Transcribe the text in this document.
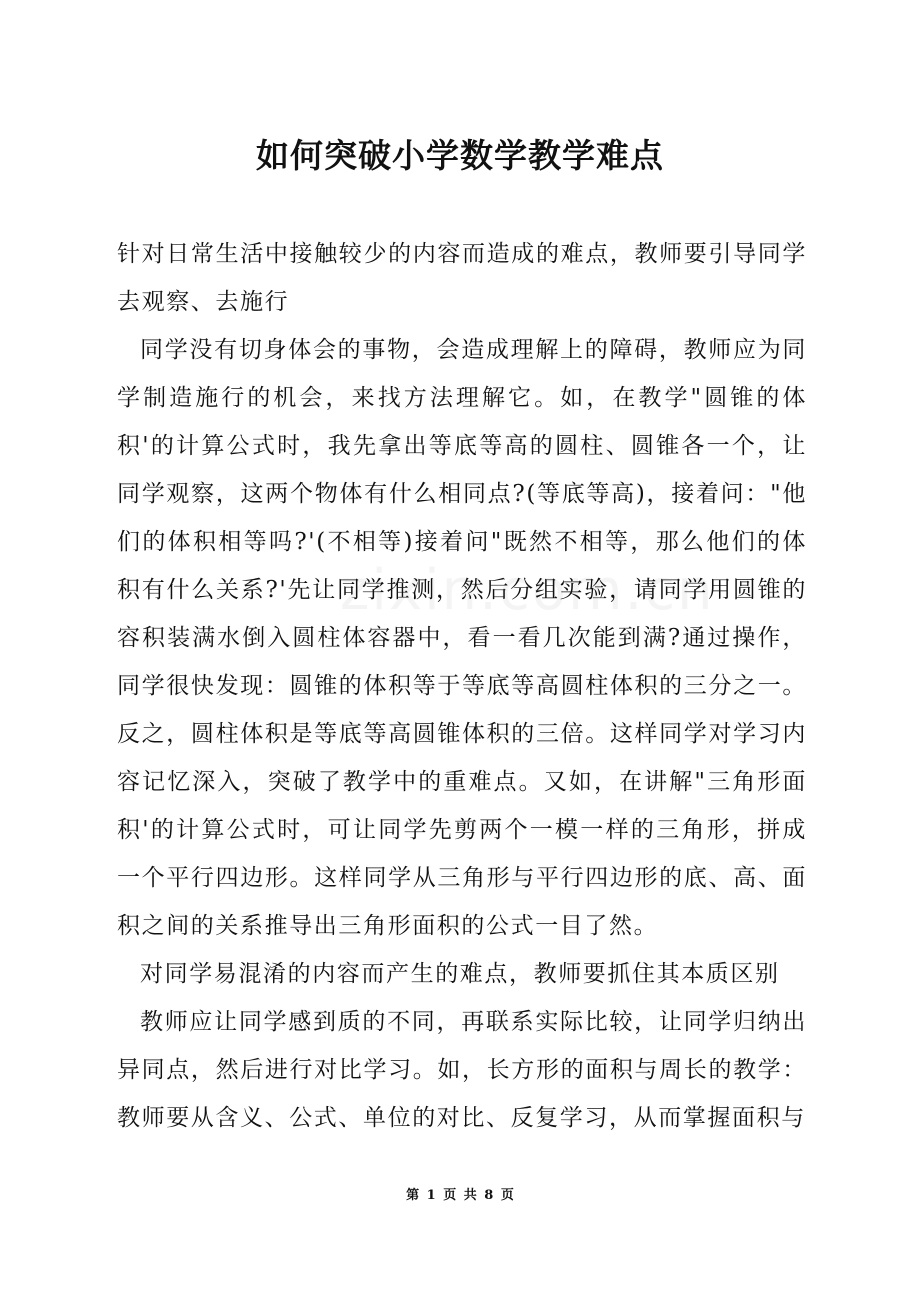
如何突破小学数学教学难点

针对日常生活中接触较少的内容而造成的难点，教师要引导同学去观察、去施行

同学没有切身体会的事物，会造成理解上的障碍，教师应为同学制造施行的机会，来找方法理解它。如，在教学"圆锥的体积'的计算公式时，我先拿出等底等高的圆柱、圆锥各一个，让同学观察，这两个物体有什么相同点?(等底等高)，接着问："他们的体积相等吗?'(不相等)接着问"既然不相等，那么他们的体积有什么关系?'先让同学推测，然后分组实验，请同学用圆锥的容积装满水倒入圆柱体容器中，看一看几次能到满?通过操作，同学很快发现：圆锥的体积等于等底等高圆柱体积的三分之一。反之，圆柱体积是等底等高圆锥体积的三倍。这样同学对学习内容记忆深入，突破了教学中的重难点。又如，在讲解"三角形面积'的计算公式时，可让同学先剪两个一模一样的三角形，拼成一个平行四边形。这样同学从三角形与平行四边形的底、高、面积之间的关系推导出三角形面积的公式一目了然。

对同学易混淆的内容而产生的难点，教师要抓住其本质区别

教师应让同学感到质的不同，再联系实际比较，让同学归纳出异同点，然后进行对比学习。如，长方形的面积与周长的教学：教师要从含义、公式、单位的对比、反复学习，从而掌握面积与

第 1 页 共 8 页
